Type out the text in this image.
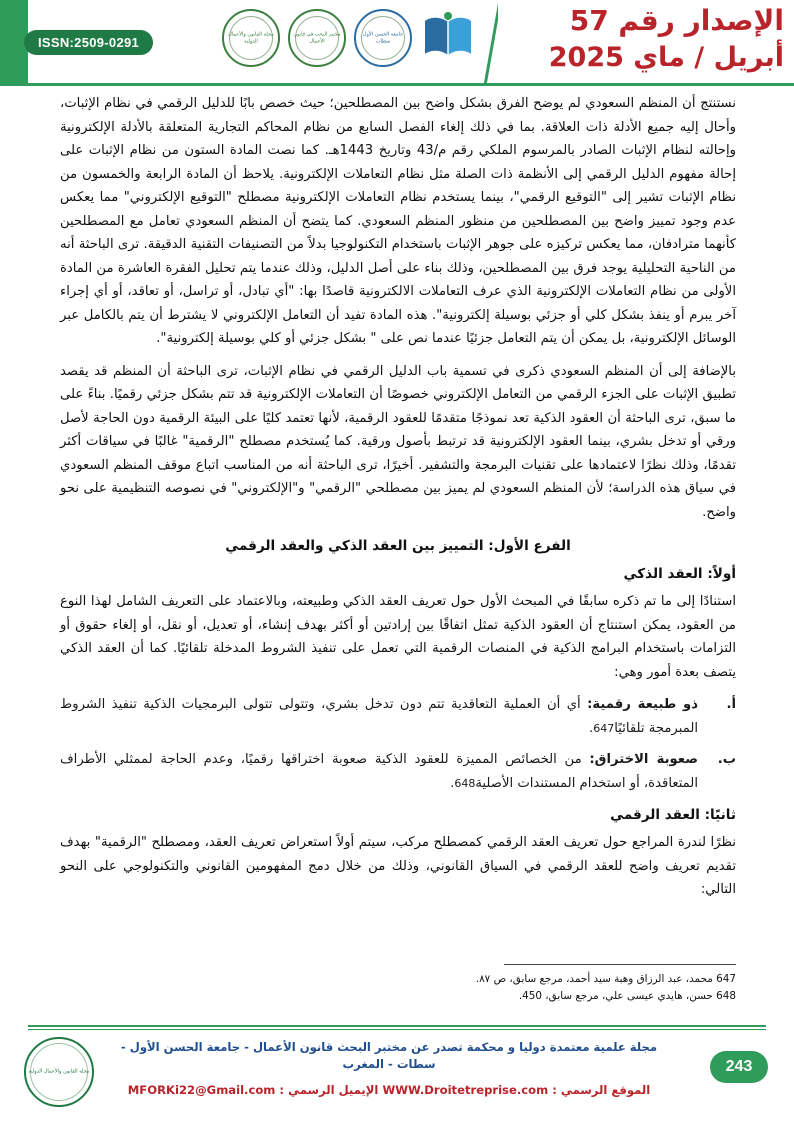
ISSN:2509-0291
مجلة القانون والأعمال الدولية
مختبر البحث في قانون الأعمال
جامعة الحسن الأول سطات
الإصدار رقم 57
أبريل / ماي 2025

نستنتج أن المنظم السعودي لم يوضح الفرق بشكل واضح بين المصطلحين؛ حيث خصص بابًا للدليل الرقمي في نظام الإثبات، وأحال إليه جميع الأدلة ذات العلاقة. بما في ذلك إلغاء الفصل السابع من نظام المحاكم التجارية المتعلقة بالأدلة الإلكترونية وإحالته لنظام الإثبات الصادر بالمرسوم الملكي رقم م/43 وتاريخ 1443هـ. كما نصت المادة الستون من نظام الإثبات على إحالة مفهوم الدليل الرقمي إلى الأنظمة ذات الصلة مثل نظام التعاملات الإلكترونية. يلاحظ أن المادة الرابعة والخمسون من نظام الإثبات تشير إلى "التوقيع الرقمي"، بينما يستخدم نظام التعاملات الإلكترونية مصطلح "التوقيع الإلكتروني" مما يعكس عدم وجود تمييز واضح بين المصطلحين من منظور المنظم السعودي. كما يتضح أن المنظم السعودي تعامل مع المصطلحين كأنهما مترادفان، مما يعكس تركيزه على جوهر الإثبات باستخدام التكنولوجيا بدلاً من التصنيفات التقنية الدقيقة. ترى الباحثة أنه من الناحية التحليلية يوجد فرق بين المصطلحين، وذلك بناء على أصل الدليل، وذلك عندما يتم تحليل الفقرة العاشرة من المادة الأولى من نظام التعاملات الإلكترونية الذي عرف التعاملات الالكترونية قاصدًا بها: "أي تبادل، أو تراسل، أو تعاقد، أو أي إجراء آخر يبرم أو ينفذ بشكل كلي أو جزئي بوسيلة إلكترونية". هذه المادة تفيد أن التعامل الإلكتروني لا يشترط أن يتم بالكامل عبر الوسائل الإلكترونية، بل يمكن أن يتم التعامل جزئيًا عندما نص على " بشكل جزئي أو كلي بوسيلة إلكترونية".

بالإضافة إلى أن المنظم السعودي ذكرى في تسمية باب الدليل الرقمي في نظام الإثبات، ترى الباحثة أن المنظم قد يقصد تطبيق الإثبات على الجزء الرقمي من التعامل الإلكتروني خصوصًا أن التعاملات الإلكترونية قد تتم بشكل جزئي رقميًا. بناءً على ما سبق، ترى الباحثة أن العقود الذكية تعد نموذجًا متقدمًا للعقود الرقمية، لأنها تعتمد كليًا على البيئة الرقمية دون الحاجة لأصل ورقي أو تدخل بشري، بينما العقود الإلكترونية قد ترتبط بأصول ورقية. كما يُستخدم مصطلح "الرقمية" غالبًا في سياقات أكثر تقدمًا، وذلك نظرًا لاعتمادها على تقنيات البرمجة والتشفير. أخيرًا، ترى الباحثة أنه من المناسب اتباع موقف المنظم السعودي في سياق هذه الدراسة؛ لأن المنظم السعودي لم يميز بين مصطلحي "الرقمي" و"الإلكتروني" في نصوصه التنظيمية على نحو واضح.

الفرع الأول: التمييز بين العقد الذكي والعقد الرقمي
أولاً: العقد الذكي

استنادًا إلى ما تم ذكره سابقًا في المبحث الأول حول تعريف العقد الذكي وطبيعته، وبالاعتماد على التعريف الشامل لهذا النوع من العقود، يمكن استنتاج أن العقود الذكية تمثل اتفاقًا بين إرادتين أو أكثر بهدف إنشاء، أو تعديل، أو نقل، أو إلغاء حقوق أو التزامات باستخدام البرامج الذكية في المنصات الرقمية التي تعمل على تنفيذ الشروط المدخلة تلقائيًا. كما أن العقد الذكي يتصف بعدة أمور وهي:

أ.
ذو طبيعة رقمية: أي أن العملية التعاقدية تتم دون تدخل بشري، وتتولى تتولى البرمجيات الذكية تنفيذ الشروط المبرمجة تلقائيًا647.
ب.
صعوبة الاختراق: من الخصائص المميزة للعقود الذكية صعوبة اختراقها رقميًا، وعدم الحاجة لممثلي الأطراف المتعاقدة، أو استخدام المستندات الأصلية648.
ثانيًا: العقد الرقمي

نظرًا لندرة المراجع حول تعريف العقد الرقمي كمصطلح مركب، سيتم أولاً استعراض تعريف العقد، ومصطلح "الرقمية" بهدف تقديم تعريف واضح للعقد الرقمي في السياق القانوني، وذلك من خلال دمج المفهومين القانوني والتكنولوجي على النحو التالي:

647 محمد، عبد الرزاق وهبة سيد أحمد، مرجع سابق، ص ٨٧.
648 حسن، هايدي عيسى علي، مرجع سابق، 450.
مجلة القانون والأعمال الدولية	243
مجلة علمية معتمدة دوليا و محكمة تصدر عن مختبر البحث قانون الأعمال - جامعة الحسن الأول - سطات - المغرب
الموقع الرسمي : WWW.Droitetreprise.com الإيميل الرسمي : MFORKi22@Gmail.com
